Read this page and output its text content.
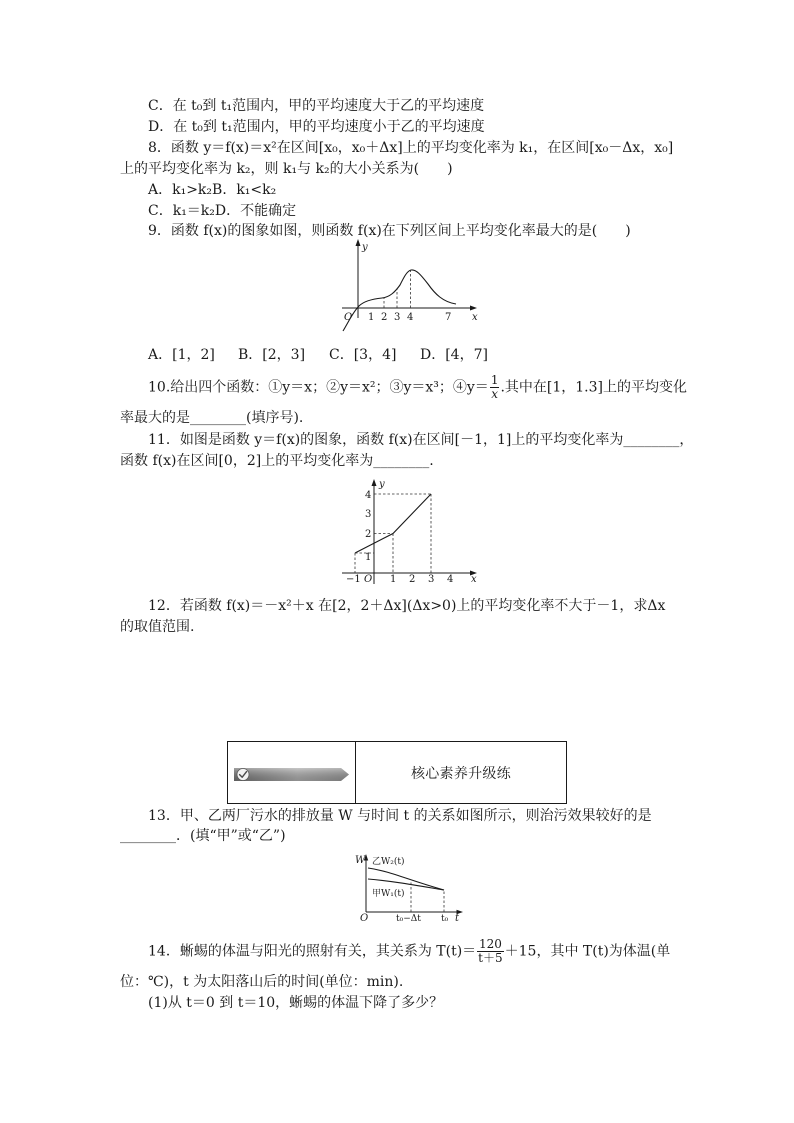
C．在 t₀到 t₁范围内，甲的平均速度大于乙的平均速度
D．在 t₀到 t₁范围内，甲的平均速度小于乙的平均速度
8．函数 y＝f(x)＝x²在区间[x₀，x₀＋Δx]上的平均变化率为 k₁，在区间[x₀－Δx，x₀]
上的平均变化率为 k₂，则 k₁与 k₂的大小关系为(　　)
A．k₁>k₂B．k₁<k₂
C．k₁＝k₂D．不能确定
9．函数 f(x)的图象如图，则函数 f(x)在下列区间上平均变化率最大的是(　　)
y
x
O 1 2 3 4	7
A．[1，2] B．[2，3] C．[3，4] D．[4，7]
10.给出四个函数：①y＝x；②y＝x²；③y＝x³；④y＝ $\frac{1}{x}$ .其中在[1，1.3]上的平均变化
率最大的是________(填序号).
11．如图是函数 y＝f(x)的图象，函数 f(x)在区间[－1，1]上的平均变化率为________，
函数 f(x)在区间[0，2]上的平均变化率为________.
y
x
4
3
2
1
−1 O 1 2 3 4
12．若函数 f(x)＝－x²＋x 在[2，2＋Δx](Δx>0)上的平均变化率不大于－1，求Δx
的取值范围.
核心素养升级练
13．甲、乙两厂污水的排放量 W 与时间 t 的关系如图所示，则治污效果较好的是
________．(填“甲”或“乙”)
W 乙W₂(t)
甲W₁(t)
O	t₀−Δt t₀ t
14．蜥蜴的体温与阳光的照射有关，其关系为 $T(t)= \frac{120}{t+5} +15$，其中 T(t)为体温(单
位：℃)，t 为太阳落山后的时间(单位：min).
(1)从 t＝0 到 t＝10，蜥蜴的体温下降了多少？
